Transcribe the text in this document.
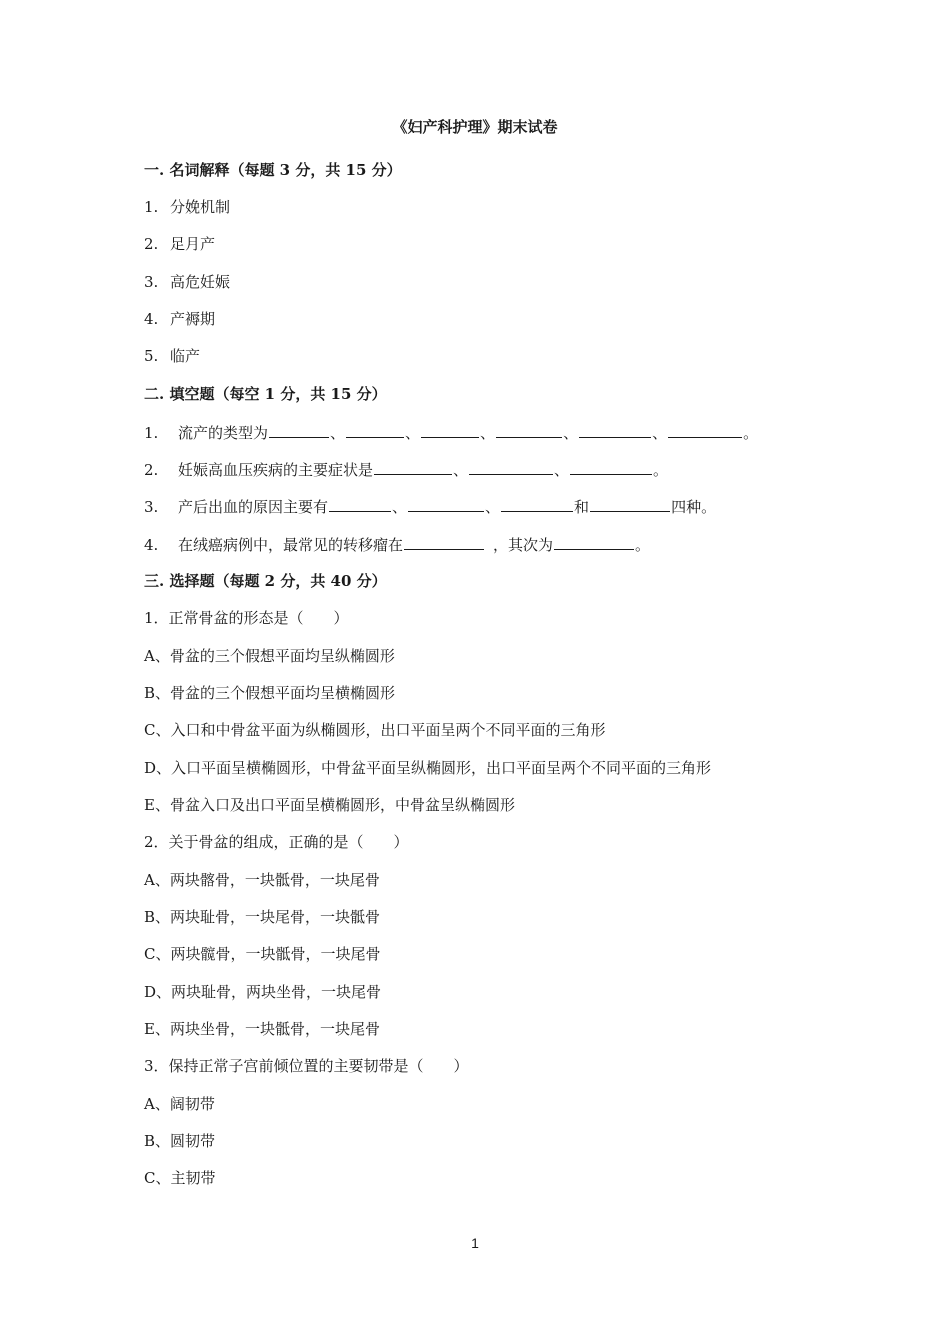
《妇产科护理》期末试卷
一. 名词解释（每题 3 分，共 15 分）
1. 分娩机制
2. 足月产
3. 高危妊娠
4. 产褥期
5. 临产
二. 填空题（每空 1 分，共 15 分）
1. 流产的类型为	、	、	、	、	、	。
2. 妊娠高血压疾病的主要症状是	、	、	。
3. 产后出血的原因主要有	、	、	和	四种。
4. 在绒癌病例中，最常见的转移瘤在	，其次为	。
三. 选择题（每题 2 分，共 40 分）
1．正常骨盆的形态是（　　）
A、骨盆的三个假想平面均呈纵椭圆形
B、骨盆的三个假想平面均呈横椭圆形
C、入口和中骨盆平面为纵椭圆形，出口平面呈两个不同平面的三角形
D、入口平面呈横椭圆形，中骨盆平面呈纵椭圆形，出口平面呈两个不同平面的三角形
E、骨盆入口及出口平面呈横椭圆形，中骨盆呈纵椭圆形
2．关于骨盆的组成，正确的是（　　）
A、两块髂骨，一块骶骨，一块尾骨
B、两块耻骨，一块尾骨，一块骶骨
C、两块髋骨，一块骶骨，一块尾骨
D、两块耻骨，两块坐骨，一块尾骨
E、两块坐骨，一块骶骨，一块尾骨
3．保持正常子宫前倾位置的主要韧带是（　　）
A、阔韧带
B、圆韧带
C、主韧带
1
